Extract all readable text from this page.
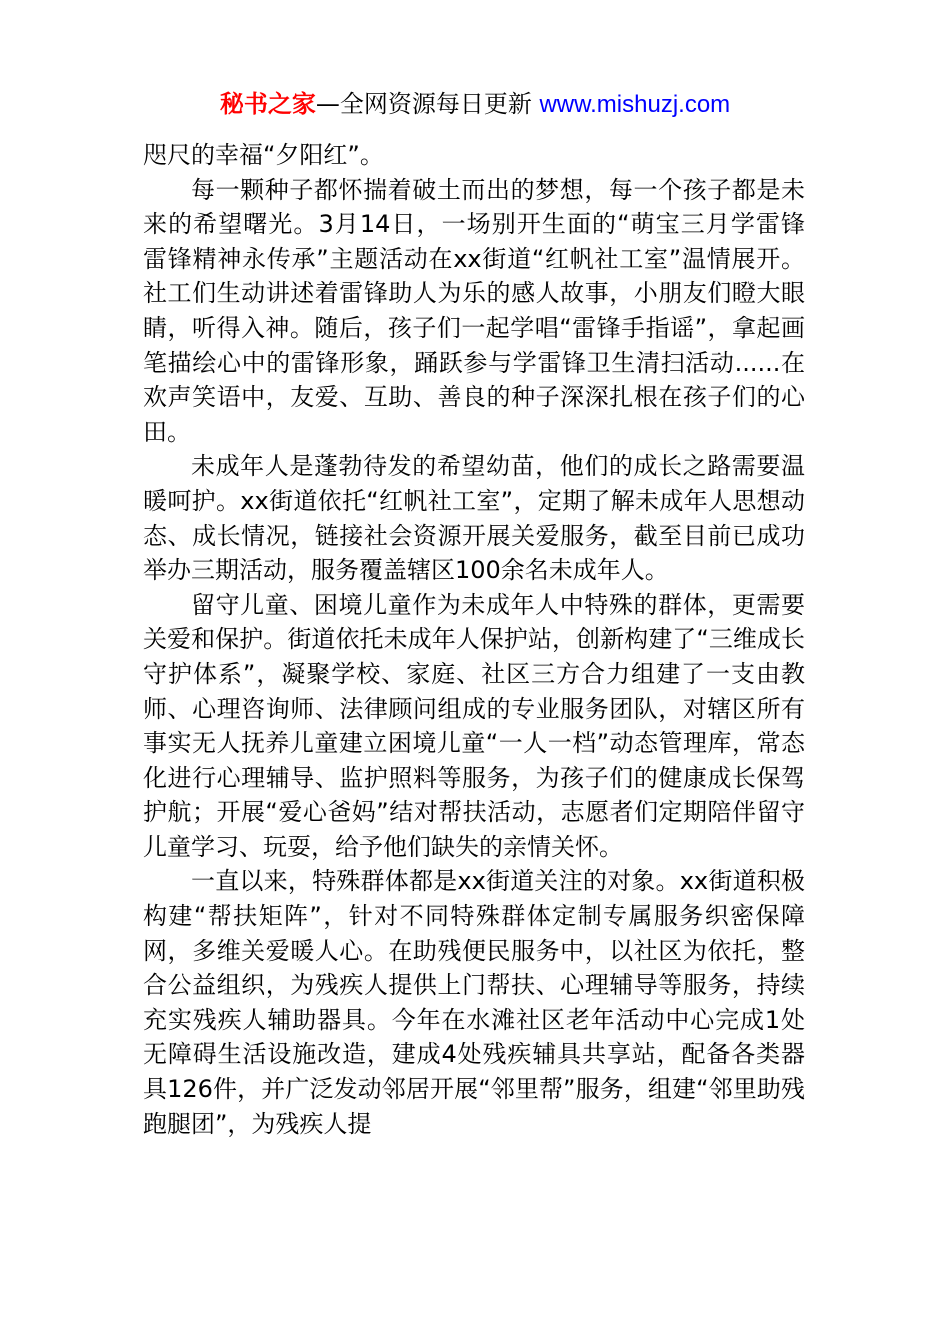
秘书之家—全网资源每日更新 www.mishuzj.com

咫尺的幸福“夕阳红”。

每一颗种子都怀揣着破土而出的梦想，每一个孩子都是未来的希望曙光。3月14日，一场别开生面的“萌宝三月学雷锋 雷锋精神永传承”主题活动在xx街道“红帆社工室”温情展开。社工们生动讲述着雷锋助人为乐的感人故事，小朋友们瞪大眼睛，听得入神。随后，孩子们一起学唱“雷锋手指谣”，拿起画笔描绘心中的雷锋形象，踊跃参与学雷锋卫生清扫活动......在欢声笑语中，友爱、互助、善良的种子深深扎根在孩子们的心田。

未成年人是蓬勃待发的希望幼苗，他们的成长之路需要温暖呵护。xx街道依托“红帆社工室”，定期了解未成年人思想动态、成长情况，链接社会资源开展关爱服务，截至目前已成功举办三期活动，服务覆盖辖区100余名未成年人。

留守儿童、困境儿童作为未成年人中特殊的群体，更需要关爱和保护。街道依托未成年人保护站，创新构建了“三维成长守护体系”，凝聚学校、家庭、社区三方合力组建了一支由教师、心理咨询师、法律顾问组成的专业服务团队，对辖区所有事实无人抚养儿童建立困境儿童“一人一档”动态管理库，常态化进行心理辅导、监护照料等服务，为孩子们的健康成长保驾护航；开展“爱心爸妈”结对帮扶活动，志愿者们定期陪伴留守儿童学习、玩耍，给予他们缺失的亲情关怀。

一直以来，特殊群体都是xx街道关注的对象。xx街道积极构建“帮扶矩阵”，针对不同特殊群体定制专属服务织密保障网，多维关爱暖人心。在助残便民服务中，以社区为依托，整合公益组织，为残疾人提供上门帮扶、心理辅导等服务，持续充实残疾人辅助器具。今年在水滩社区老年活动中心完成1处无障碍生活设施改造，建成4处残疾辅具共享站，配备各类器具126件，并广泛发动邻居开展“邻里帮”服务，组建“邻里助残跑腿团”，为残疾人提
